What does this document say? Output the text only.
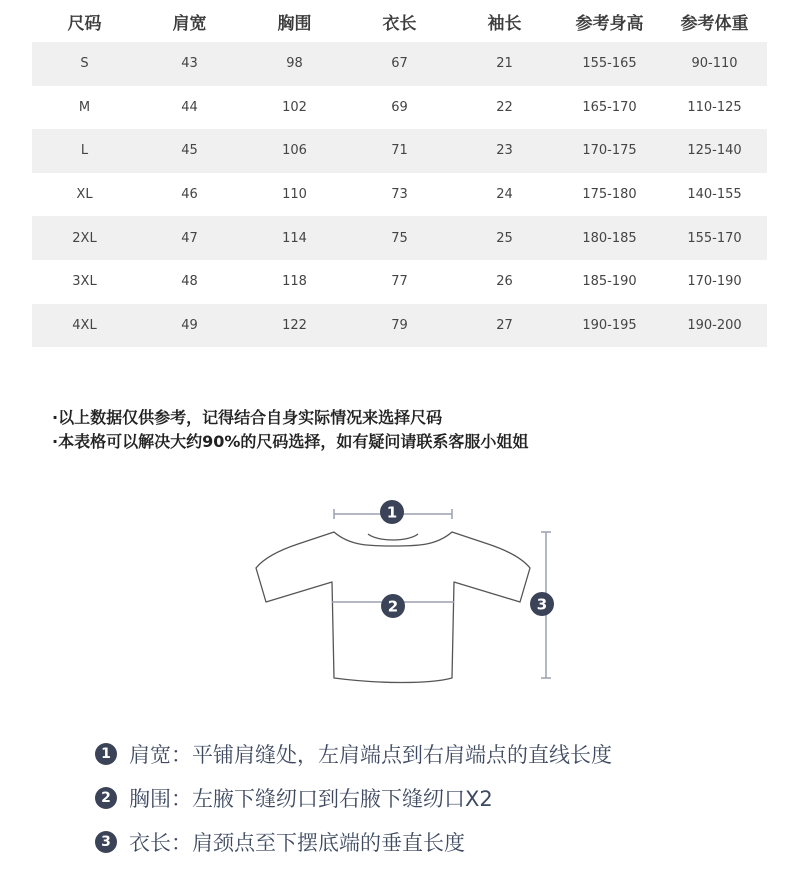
尺码	肩宽	胸围	衣长	袖长	参考身高	参考体重
S	43	98	67	21	155-165	90-110
M	44	102	69	22	165-170	110-125
L	45	106	71	23	170-175	125-140
XL	46	110	73	24	175-180	140-155
2XL	47	114	75	25	180-185	155-170
3XL	48	118	77	26	185-190	170-190
4XL	49	122	79	27	190-195	190-200
·以上数据仅供参考，记得结合自身实际情况来选择尺码
·本表格可以解决大约90%的尺码选择，如有疑问请联系客服小姐姐
1
2	3
1 肩宽：平铺肩缝处，左肩端点到右肩端点的直线长度
2 胸围：左腋下缝纫口到右腋下缝纫口X2
3 衣长：肩颈点至下摆底端的垂直长度
